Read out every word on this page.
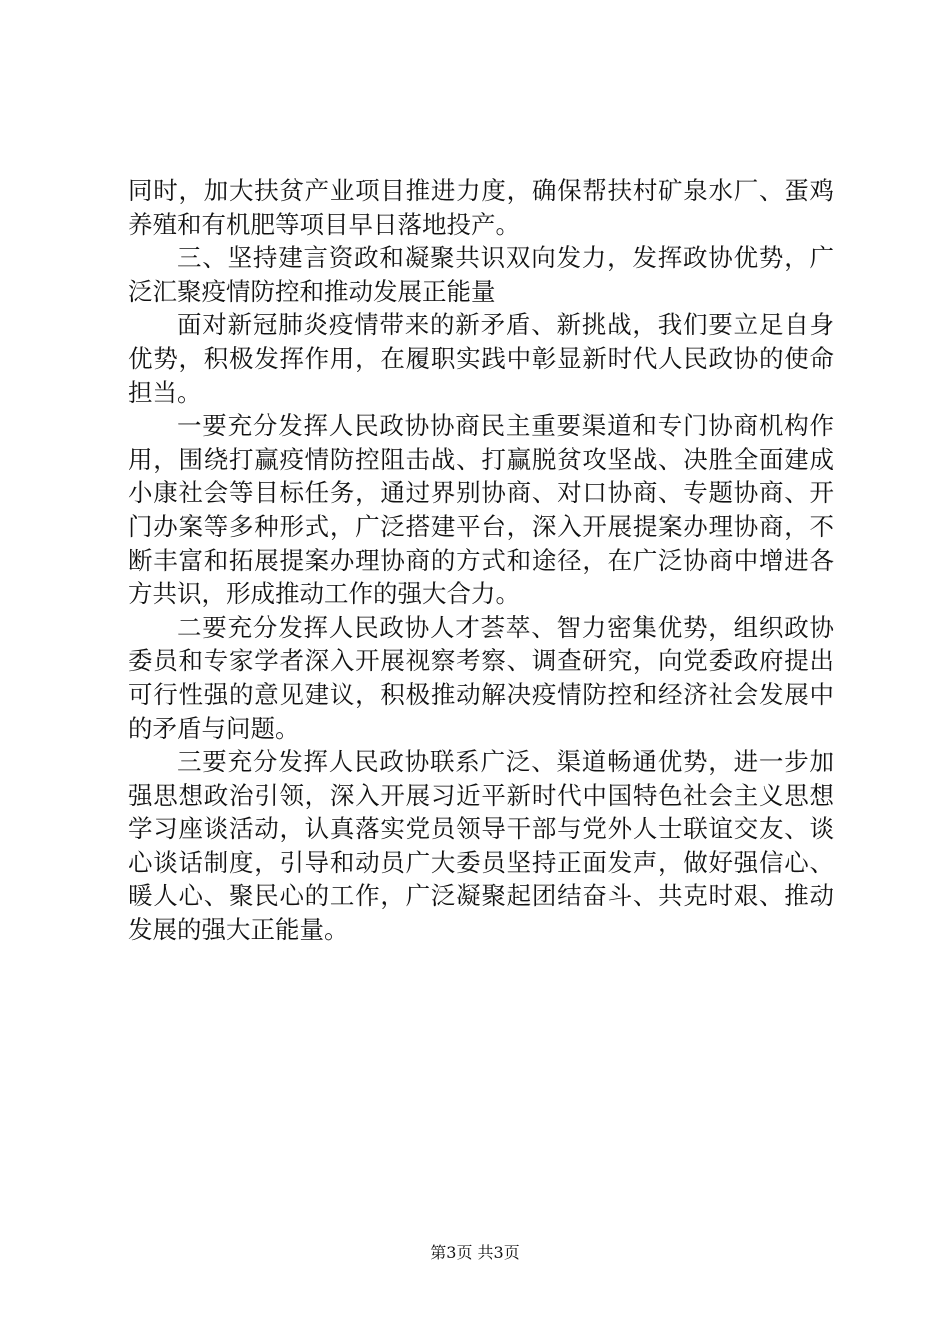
同时，加大扶贫产业项目推进力度，确保帮扶村矿泉水厂、蛋鸡养殖和有机肥等项目早日落地投产。

三、坚持建言资政和凝聚共识双向发力，发挥政协优势，广泛汇聚疫情防控和推动发展正能量

面对新冠肺炎疫情带来的新矛盾、新挑战，我们要立足自身优势，积极发挥作用，在履职实践中彰显新时代人民政协的使命担当。

一要充分发挥人民政协协商民主重要渠道和专门协商机构作用，围绕打赢疫情防控阻击战、打赢脱贫攻坚战、决胜全面建成小康社会等目标任务，通过界别协商、对口协商、专题协商、开门办案等多种形式，广泛搭建平台，深入开展提案办理协商，不断丰富和拓展提案办理协商的方式和途径，在广泛协商中增进各方共识，形成推动工作的强大合力。

二要充分发挥人民政协人才荟萃、智力密集优势，组织政协委员和专家学者深入开展视察考察、调查研究，向党委政府提出可行性强的意见建议，积极推动解决疫情防控和经济社会发展中的矛盾与问题。

三要充分发挥人民政协联系广泛、渠道畅通优势，进一步加强思想政治引领，深入开展习近平新时代中国特色社会主义思想学习座谈活动，认真落实党员领导干部与党外人士联谊交友、谈心谈话制度，引导和动员广大委员坚持正面发声，做好强信心、暖人心、聚民心的工作，广泛凝聚起团结奋斗、共克时艰、推动发展的强大正能量。

第3页 共3页
